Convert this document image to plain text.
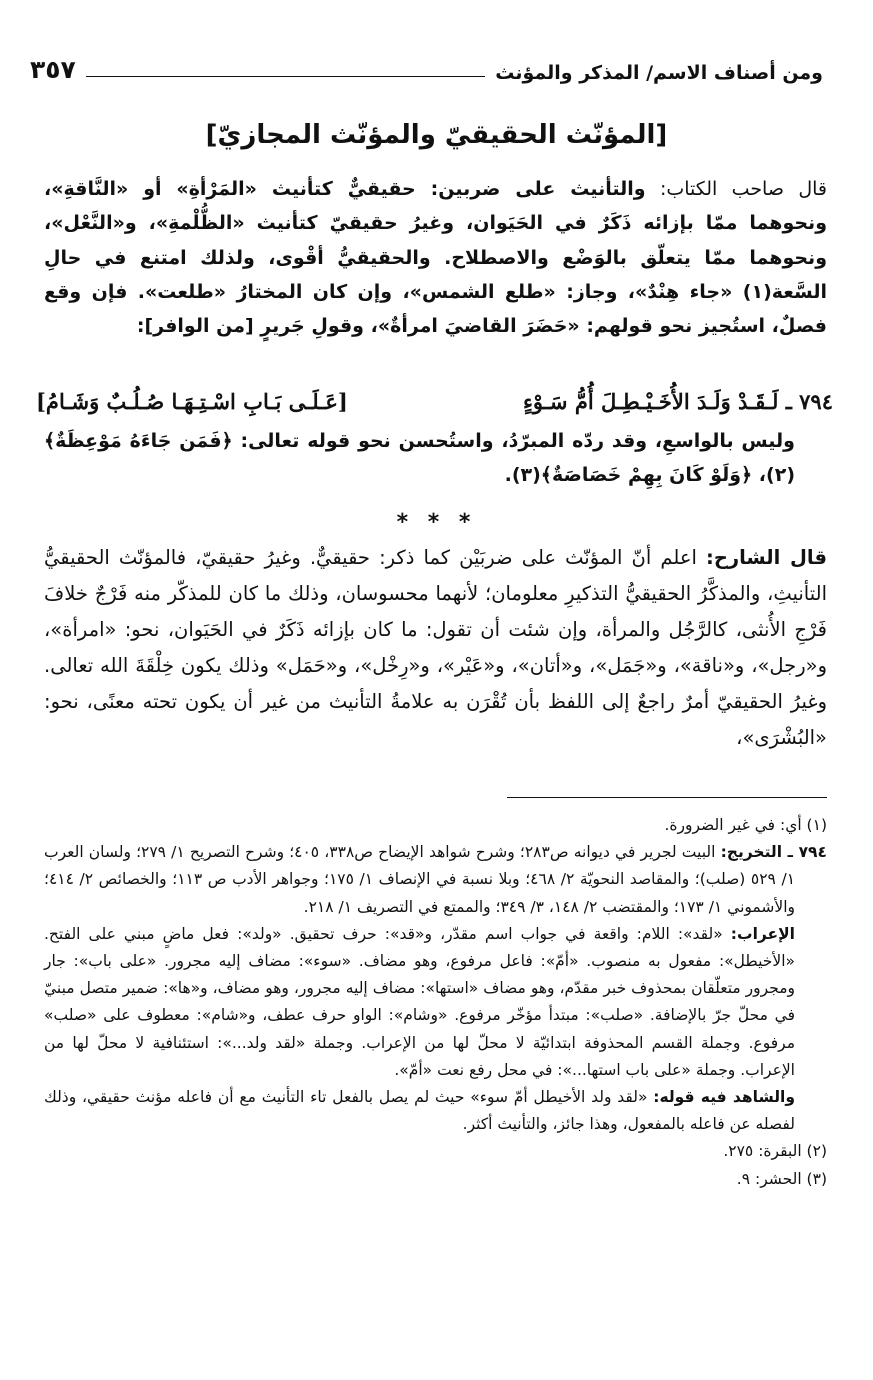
ومن أصناف الاسم/ المذكر والمؤنث
٣٥٧
[المؤنّث الحقيقيّ والمؤنّث المجازيّ]

قال صاحب الكتاب: والتأنيث على ضربين: حقيقيٌّ كتأنيث «المَرْأةِ» أو «النَّاقةِ»، ونحوهما ممّا بإزائه ذَكَرٌ في الحَيَوان، وغيرُ حقيقيّ كتأنيث «الظُّلْمةِ»، و«النَّعْل»، ونحوهما ممّا يتعلّق بالوَضْع والاصطلاح. والحقيقيُّ أقْوى، ولذلك امتنع في حالِ السَّعة(١) «جاء هِنْدٌ»، وجاز: «طلع الشمس»، وإن كان المختارُ «طلعت». فإن وقع فصلٌ، استُجيز نحو قولهم: «حَضَرَ القاضيَ امرأةٌ»، وقولِ جَريرٍ [من الوافر]:

٧٩٤ ـ لَـقَـدْ وَلَـدَ الأُخَـيْـطِـلَ أُمُّ سَـوْءٍ
[عَـلَـى بَـابِ اسْـتِـهَـا صُـلُـبٌ وَشَـامُ]

وليس بالواسعِ، وقد ردّه المبرّدُ، واستُحسن نحو قوله تعالى: ﴿فَمَن جَاءَهُ مَوْعِظَةٌ﴾(٢)، ﴿وَلَوْ كَانَ بِهِمْ خَصَاصَةٌ﴾(٣).

* * *

قال الشارح: اعلم أنّ المؤنّث على ضربَيْن كما ذكر: حقيقيٌّ. وغيرُ حقيقيّ، فالمؤنّث الحقيقيُّ التأنيثِ، والمذكَّرُ الحقيقيُّ التذكيرِ معلومان؛ لأنهما محسوسان، وذلك ما كان للمذكّر منه فَرْجٌ خلافَ فَرْجِ الأُنثى، كالرَّجُل والمرأة، وإن شئت أن تقول: ما كان بإزائه ذَكَرٌ في الحَيَوان، نحو: «امرأة»، و«رجل»، و«ناقة»، و«جَمَل»، و«أتان»، و«عَيْر»، و«رِخْل»، و«حَمَل» وذلك يكون خِلْقَةَ الله تعالى. وغيرُ الحقيقيّ أمرٌ راجعٌ إلى اللفظ بأن تُقْرَن به علامةُ التأنيث من غير أن يكون تحته معنًى، نحو: «البُشْرَى»،

(١) أي: في غير الضرورة.

٧٩٤ ـ التخريج: البيت لجرير في ديوانه ص٢٨٣؛ وشرح شواهد الإيضاح ص٣٣٨، ٤٠٥؛ وشرح التصريح ١/ ٢٧٩؛ ولسان العرب ١/ ٥٢٩ (صلب)؛ والمقاصد النحويّة ٢/ ٤٦٨؛ وبلا نسبة في الإنصاف ١/ ١٧٥؛ وجواهر الأدب ص ١١٣؛ والخصائص ٢/ ٤١٤؛ والأشموني ١/ ١٧٣؛ والمقتضب ٢/ ١٤٨، ٣/ ٣٤٩؛ والممتع في التصريف ١/ ٢١٨.

الإعراب: «لقد»: اللام: واقعة في جواب اسم مقدّر، و«قد»: حرف تحقيق. «ولد»: فعل ماضٍ مبني على الفتح. «الأخيطل»: مفعول به منصوب. «أمّ»: فاعل مرفوع، وهو مضاف. «سوء»: مضاف إليه مجرور. «على باب»: جار ومجرور متعلّقان بمحذوف خبر مقدّم، وهو مضاف «استها»: مضاف إليه مجرور، وهو مضاف، و«ها»: ضمير متصل مبنيّ في محلّ جرّ بالإضافة. «صلب»: مبتدأ مؤخّر مرفوع. «وشام»: الواو حرف عطف، و«شام»: معطوف على «صلب» مرفوع. وجملة القسم المحذوفة ابتدائيّة لا محلّ لها من الإعراب. وجملة «لقد ولد...»: استئنافية لا محلّ لها من الإعراب. وجملة «على باب استها...»: في محل رفع نعت «أمّ».

والشاهد فيه قوله: «لقد ولد الأخيطل أمّ سوء» حيث لم يصل بالفعل تاء التأنيث مع أن فاعله مؤنث حقيقي، وذلك لفصله عن فاعله بالمفعول، وهذا جائز، والتأنيث أكثر.

(٢) البقرة: ٢٧٥.

(٣) الحشر: ٩.
